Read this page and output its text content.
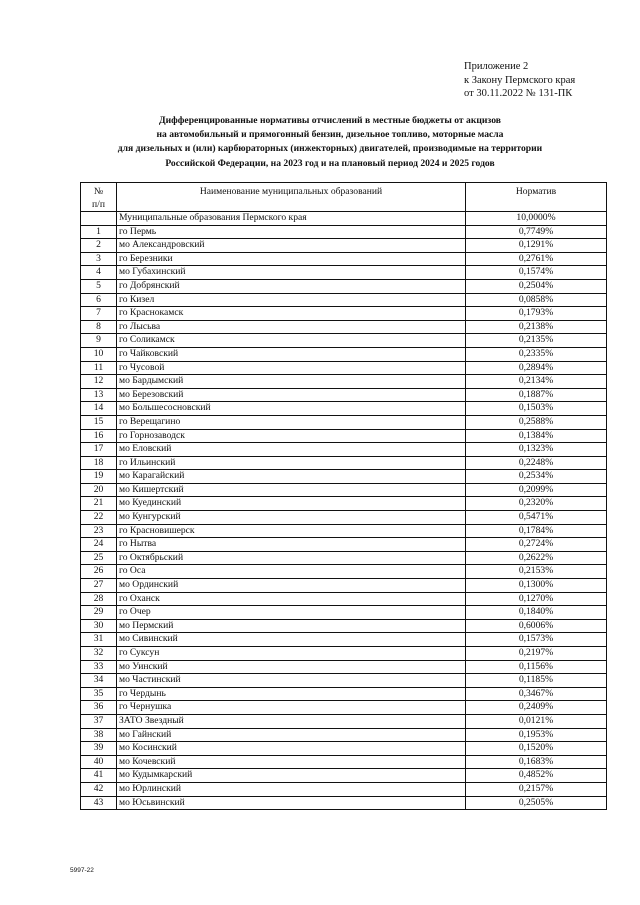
Приложение 2
к Закону Пермского края
от 30.11.2022 № 131-ПК
Дифференцированные нормативы отчислений в местные бюджеты от акцизов
на автомобильный и прямогонный бензин, дизельное топливо, моторные масла
для дизельных и (или) карбюраторных (инжекторных) двигателей, производимые на территории
Российской Федерации, на 2023 год и на плановый период 2024 и 2025 годов
№
п/п	Наименование муниципальных образований	Норматив
	Муниципальные образования Пермского края	10,0000%
1	го Пермь	0,7749%
2	мо Александровский	0,1291%
3	го Березники	0,2761%
4	мо Губахинский	0,1574%
5	го Добрянский	0,2504%
6	го Кизел	0,0858%
7	го Краснокамск	0,1793%
8	го Лысьва	0,2138%
9	го Соликамск	0,2135%
10	го Чайковский	0,2335%
11	го Чусовой	0,2894%
12	мо Бардымский	0,2134%
13	мо Березовский	0,1887%
14	мо Большесосновский	0,1503%
15	го Верещагино	0,2588%
16	го Горнозаводск	0,1384%
17	мо Еловский	0,1323%
18	го Ильинский	0,2248%
19	мо Карагайский	0,2534%
20	мо Кишертский	0,2099%
21	мо Куединский	0,2320%
22	мо Кунгурский	0,5471%
23	го Красновишерск	0,1784%
24	го Нытва	0,2724%
25	го Октябрьский	0,2622%
26	го Оса	0,2153%
27	мо Ординский	0,1300%
28	го Оханск	0,1270%
29	го Очер	0,1840%
30	мо Пермский	0,6006%
31	мо Сивинский	0,1573%
32	го Суксун	0,2197%
33	мо Уинский	0,1156%
34	мо Частинский	0,1185%
35	го Чердынь	0,3467%
36	го Чернушка	0,2409%
37	ЗАТО Звездный	0,0121%
38	мо Гайнский	0,1953%
39	мо Косинский	0,1520%
40	мо Кочевский	0,1683%
41	мо Кудымкарский	0,4852%
42	мо Юрлинский	0,2157%
43	мо Юсьвинский	0,2505%
5997-22
